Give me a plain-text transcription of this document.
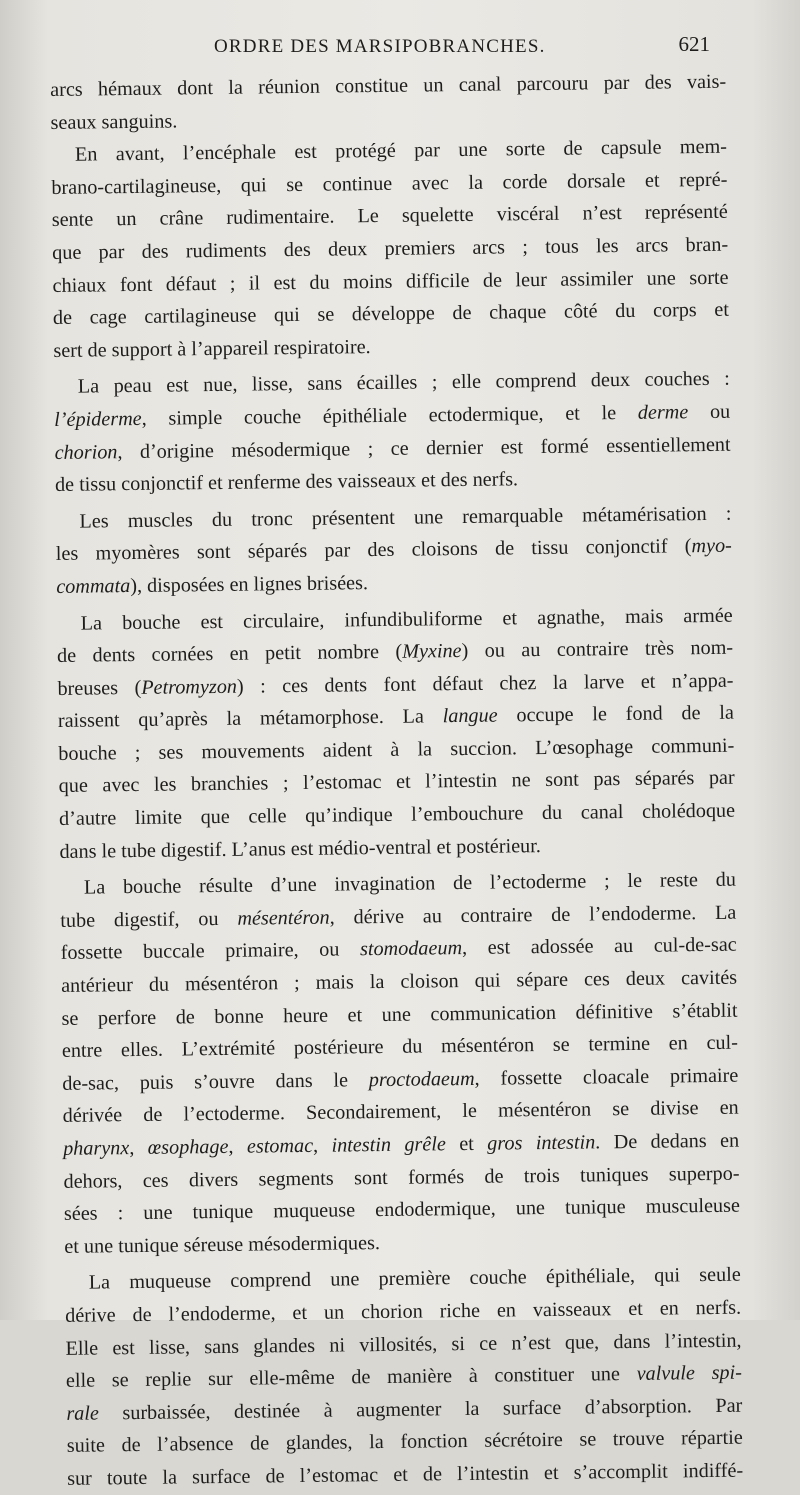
ORDRE DES MARSIPOBRANCHES.	621
arcs hémaux dont la réunion constitue un canal parcouru par des vais-
seaux sanguins.
En avant, l’encéphale est protégé par une sorte de capsule mem-
brano-cartilagineuse, qui se continue avec la corde dorsale et repré-
sente un crâne rudimentaire. Le squelette viscéral n’est représenté
que par des rudiments des deux premiers arcs ; tous les arcs bran-
chiaux font défaut ; il est du moins difficile de leur assimiler une sorte
de cage cartilagineuse qui se développe de chaque côté du corps et
sert de support à l’appareil respiratoire.
La peau est nue, lisse, sans écailles ; elle comprend deux couches :
l’épiderme, simple couche épithéliale ectodermique, et le derme ou
chorion, d’origine mésodermique ; ce dernier est formé essentiellement
de tissu conjonctif et renferme des vaisseaux et des nerfs.
Les muscles du tronc présentent une remarquable métamérisation :
les myomères sont séparés par des cloisons de tissu conjonctif (myo-
commata), disposées en lignes brisées.
La bouche est circulaire, infundibuliforme et agnathe, mais armée
de dents cornées en petit nombre (Myxine) ou au contraire très nom-
breuses (Petromyzon) : ces dents font défaut chez la larve et n’appa-
raissent qu’après la métamorphose. La langue occupe le fond de la
bouche ; ses mouvements aident à la succion. L’œsophage communi-
que avec les branchies ; l’estomac et l’intestin ne sont pas séparés par
d’autre limite que celle qu’indique l’embouchure du canal cholédoque
dans le tube digestif. L’anus est médio-ventral et postérieur.
La bouche résulte d’une invagination de l’ectoderme ; le reste du
tube digestif, ou mésentéron, dérive au contraire de l’endoderme. La
fossette buccale primaire, ou stomodaeum, est adossée au cul-de-sac
antérieur du mésentéron ; mais la cloison qui sépare ces deux cavités
se perfore de bonne heure et une communication définitive s’établit
entre elles. L’extrémité postérieure du mésentéron se termine en cul-
de-sac, puis s’ouvre dans le proctodaeum, fossette cloacale primaire
dérivée de l’ectoderme. Secondairement, le mésentéron se divise en
pharynx, œsophage, estomac, intestin grêle et gros intestin. De dedans en
dehors, ces divers segments sont formés de trois tuniques superpo-
sées : une tunique muqueuse endodermique, une tunique musculeuse
et une tunique séreuse mésodermiques.
La muqueuse comprend une première couche épithéliale, qui seule
dérive de l’endoderme, et un chorion riche en vaisseaux et en nerfs.
Elle est lisse, sans glandes ni villosités, si ce n’est que, dans l’intestin,
elle se replie sur elle-même de manière à constituer une valvule spi-
rale surbaissée, destinée à augmenter la surface d’absorption. Par
suite de l’absence de glandes, la fonction sécrétoire se trouve répartie
sur toute la surface de l’estomac et de l’intestin et s’accomplit indiffé-
